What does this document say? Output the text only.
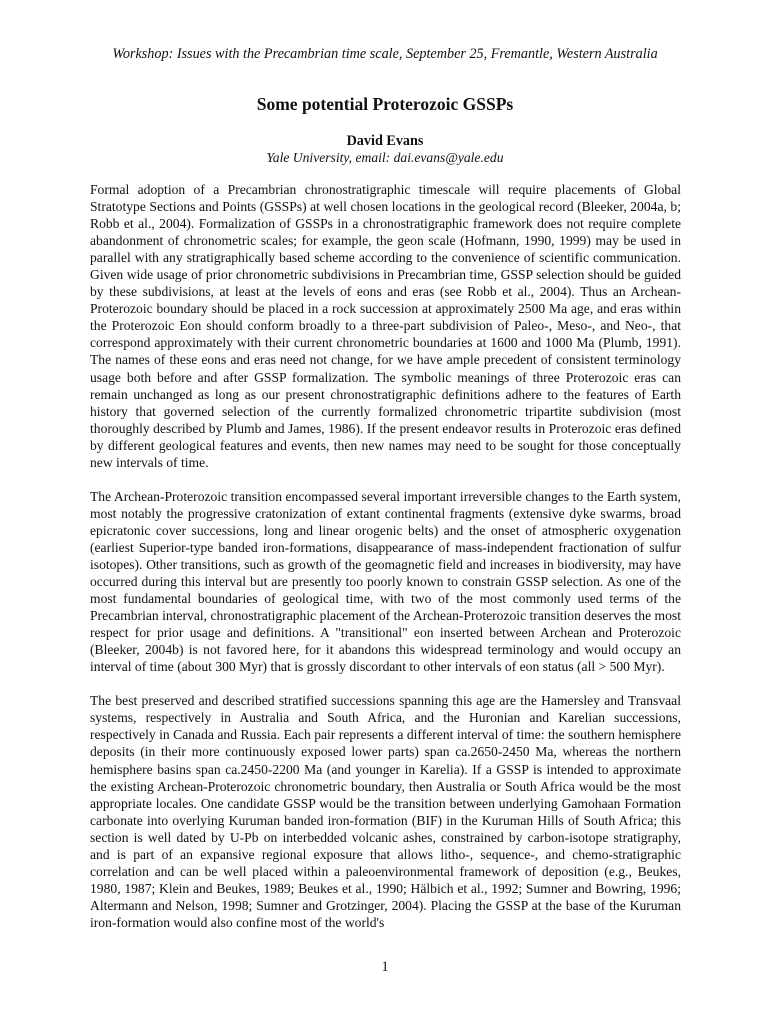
Workshop: Issues with the Precambrian time scale, September 25, Fremantle, Western Australia
Some potential Proterozoic GSSPs
David Evans
Yale University, email: dai.evans@yale.edu

Formal adoption of a Precambrian chronostratigraphic timescale will require placements of Global Stratotype Sections and Points (GSSPs) at well chosen locations in the geological record (Bleeker, 2004a, b; Robb et al., 2004). Formalization of GSSPs in a chronostratigraphic framework does not require complete abandonment of chronometric scales; for example, the geon scale (Hofmann, 1990, 1999) may be used in parallel with any stratigraphically based scheme according to the convenience of scientific communication. Given wide usage of prior chronometric subdivisions in Precambrian time, GSSP selection should be guided by these subdivisions, at least at the levels of eons and eras (see Robb et al., 2004). Thus an Archean-Proterozoic boundary should be placed in a rock succession at approximately 2500 Ma age, and eras within the Proterozoic Eon should conform broadly to a three-part subdivision of Paleo-, Meso-, and Neo-, that correspond approximately with their current chronometric boundaries at 1600 and 1000 Ma (Plumb, 1991). The names of these eons and eras need not change, for we have ample precedent of consistent terminology usage both before and after GSSP formalization. The symbolic meanings of three Proterozoic eras can remain unchanged as long as our present chronostratigraphic definitions adhere to the features of Earth history that governed selection of the currently formalized chronometric tripartite subdivision (most thoroughly described by Plumb and James, 1986). If the present endeavor results in Proterozoic eras defined by different geological features and events, then new names may need to be sought for those conceptually new intervals of time.

The Archean-Proterozoic transition encompassed several important irreversible changes to the Earth system, most notably the progressive cratonization of extant continental fragments (extensive dyke swarms, broad epicratonic cover successions, long and linear orogenic belts) and the onset of atmospheric oxygenation (earliest Superior-type banded iron-formations, disappearance of mass-independent fractionation of sulfur isotopes). Other transitions, such as growth of the geomagnetic field and increases in biodiversity, may have occurred during this interval but are presently too poorly known to constrain GSSP selection. As one of the most fundamental boundaries of geological time, with two of the most commonly used terms of the Precambrian interval, chronostratigraphic placement of the Archean-Proterozoic transition deserves the most respect for prior usage and definitions. A "transitional" eon inserted between Archean and Proterozoic (Bleeker, 2004b) is not favored here, for it abandons this widespread terminology and would occupy an interval of time (about 300 Myr) that is grossly discordant to other intervals of eon status (all > 500 Myr).

The best preserved and described stratified successions spanning this age are the Hamersley and Transvaal systems, respectively in Australia and South Africa, and the Huronian and Karelian successions, respectively in Canada and Russia. Each pair represents a different interval of time: the southern hemisphere deposits (in their more continuously exposed lower parts) span ca.2650-2450 Ma, whereas the northern hemisphere basins span ca.2450-2200 Ma (and younger in Karelia). If a GSSP is intended to approximate the existing Archean-Proterozoic chronometric boundary, then Australia or South Africa would be the most appropriate locales. One candidate GSSP would be the transition between underlying Gamohaan Formation carbonate into overlying Kuruman banded iron-formation (BIF) in the Kuruman Hills of South Africa; this section is well dated by U-Pb on interbedded volcanic ashes, constrained by carbon-isotope stratigraphy, and is part of an expansive regional exposure that allows litho-, sequence-, and chemo-stratigraphic correlation and can be well placed within a paleoenvironmental framework of deposition (e.g., Beukes, 1980, 1987; Klein and Beukes, 1989; Beukes et al., 1990; Hälbich et al., 1992; Sumner and Bowring, 1996; Altermann and Nelson, 1998; Sumner and Grotzinger, 2004). Placing the GSSP at the base of the Kuruman iron-formation would also confine most of the world's

1
